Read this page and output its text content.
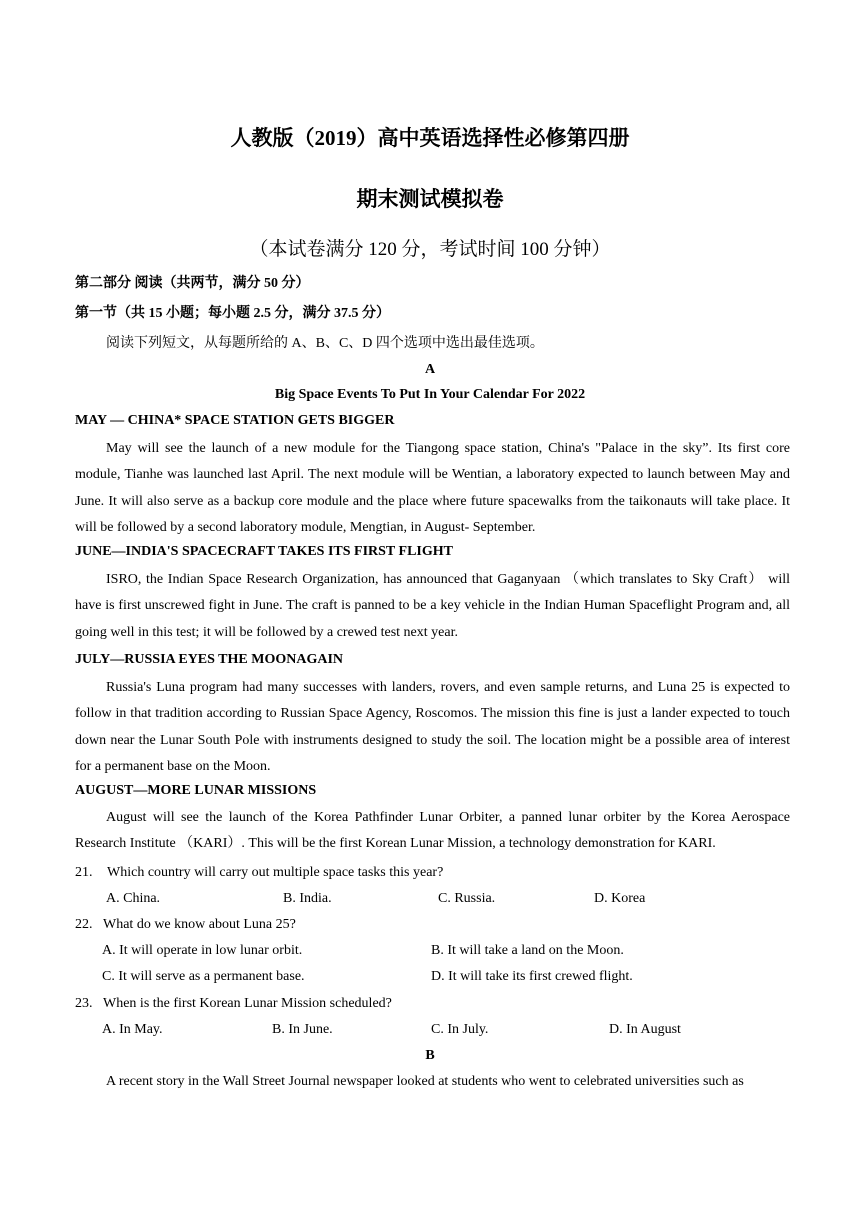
人教版（2019）高中英语选择性必修第四册
期末测试模拟卷
（本试卷满分 120 分，考试时间 100 分钟）
第二部分 阅读（共两节，满分 50 分）
第一节（共 15 小题；每小题 2.5 分，满分 37.5 分）
阅读下列短文，从每题所给的 A、B、C、D 四个选项中选出最佳选项。
A
Big Space Events To Put In Your Calendar For 2022
MAY — CHINA* SPACE STATION GETS BIGGER
May will see the launch of a new module for the Tiangong space station, China's "Palace in the sky”. Its first core module, Tianhe was launched last April. The next module will be Wentian, a laboratory expected to launch between May and June. It will also serve as a backup core module and the place where future spacewalks from the taikonauts will take place. It will be followed by a second laboratory module, Mengtian, in August- September.
JUNE—INDIA'S SPACECRAFT TAKES ITS FIRST FLIGHT
ISRO, the Indian Space Research Organization, has announced that Gaganyaan （which translates to Sky Craft） will have is first unscrewed fight in June. The craft is panned to be a key vehicle in the Indian Human Spaceflight Program and, all going well in this test; it will be followed by a crewed test next year.
JULY—RUSSIA EYES THE MOONAGAIN
Russia's Luna program had many successes with landers, rovers, and even sample returns, and Luna 25 is expected to follow in that tradition according to Russian Space Agency, Roscomos. The mission this fine is just a lander expected to touch down near the Lunar South Pole with instruments designed to study the soil. The location might be a possible area of interest for a permanent base on the Moon.
AUGUST—MORE LUNAR MISSIONS
August will see the launch of the Korea Pathfinder Lunar Orbiter, a panned lunar orbiter by the Korea Aerospace Research Institute （KARI）. This will be the first Korean Lunar Mission, a technology demonstration for KARI.
21. Which country will carry out multiple space tasks this year?
A. China.	B. India.	C. Russia.	D. Korea
22. What do we know about Luna 25?
A. It will operate in low lunar orbit.	B. It will take a land on the Moon.
C. It will serve as a permanent base.	D. It will take its first crewed flight.
23. When is the first Korean Lunar Mission scheduled?
A. In May.	B. In June.	C. In July.	D. In August
B
A recent story in the Wall Street Journal newspaper looked at students who went to celebrated universities such as
